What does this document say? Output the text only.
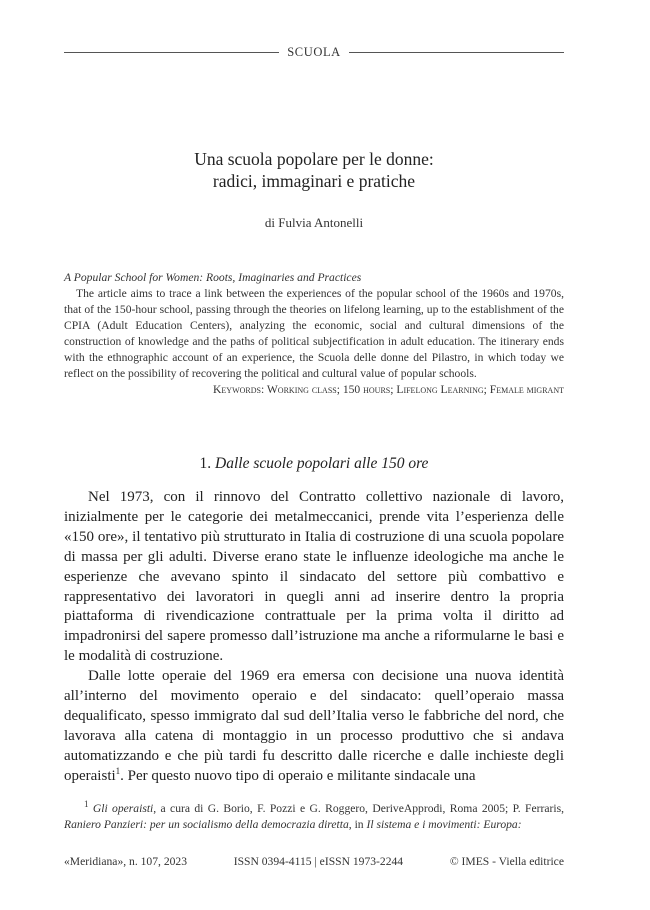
SCUOLA
Una scuola popolare per le donne:
radici, immaginari e pratiche
di Fulvia Antonelli
A Popular School for Women: Roots, Imaginaries and Practices

The article aims to trace a link between the experiences of the popular school of the 1960s and 1970s, that of the 150-hour school, passing through the theories on lifelong learning, up to the establishment of the CPIA (Adult Education Centers), analyzing the economic, social and cultural dimensions of the construction of knowledge and the paths of political subjectification in adult education. The itinerary ends with the ethnographic account of an experience, the Scuola delle donne del Pilastro, in which today we reflect on the possibility of recovering the political and cultural value of popular schools.

Keywords: Working class; 150 hours; Lifelong Learning; Female migrant

1. Dalle scuole popolari alle 150 ore

Nel 1973, con il rinnovo del Contratto collettivo nazionale di lavoro, inizialmente per le categorie dei metalmeccanici, prende vita l’esperienza delle «150 ore», il tentativo più strutturato in Italia di costruzione di una scuola popolare di massa per gli adulti. Diverse erano state le influenze ideologiche ma anche le esperienze che avevano spinto il sindacato del settore più combattivo e rappresentativo dei lavoratori in quegli anni ad inserire dentro la propria piattaforma di rivendicazione contrattuale per la prima volta il diritto ad impadronirsi del sapere promesso dall’istruzione ma anche a riformularne le basi e le modalità di costruzione.

Dalle lotte operaie del 1969 era emersa con decisione una nuova identità all’interno del movimento operaio e del sindacato: quell’operaio massa dequalificato, spesso immigrato dal sud dell’Italia verso le fabbriche del nord, che lavorava alla catena di montaggio in un processo produttivo che si andava automatizzando e che più tardi fu descritto dalle ricerche e dalle inchieste degli operaisti$^1$. Per questo nuovo tipo di operaio e militante sindacale una

$^1$ Gli operaisti, a cura di G. Borio, F. Pozzi e G. Roggero, DeriveApprodi, Roma 2005; P. Ferraris, Raniero Panzieri: per un socialismo della democrazia diretta, in Il sistema e i movimenti: Europa:

«Meridiana», n. 107, 2023	ISSN 0394-4115 | eISSN 1973-2244	© IMES - Viella editrice
